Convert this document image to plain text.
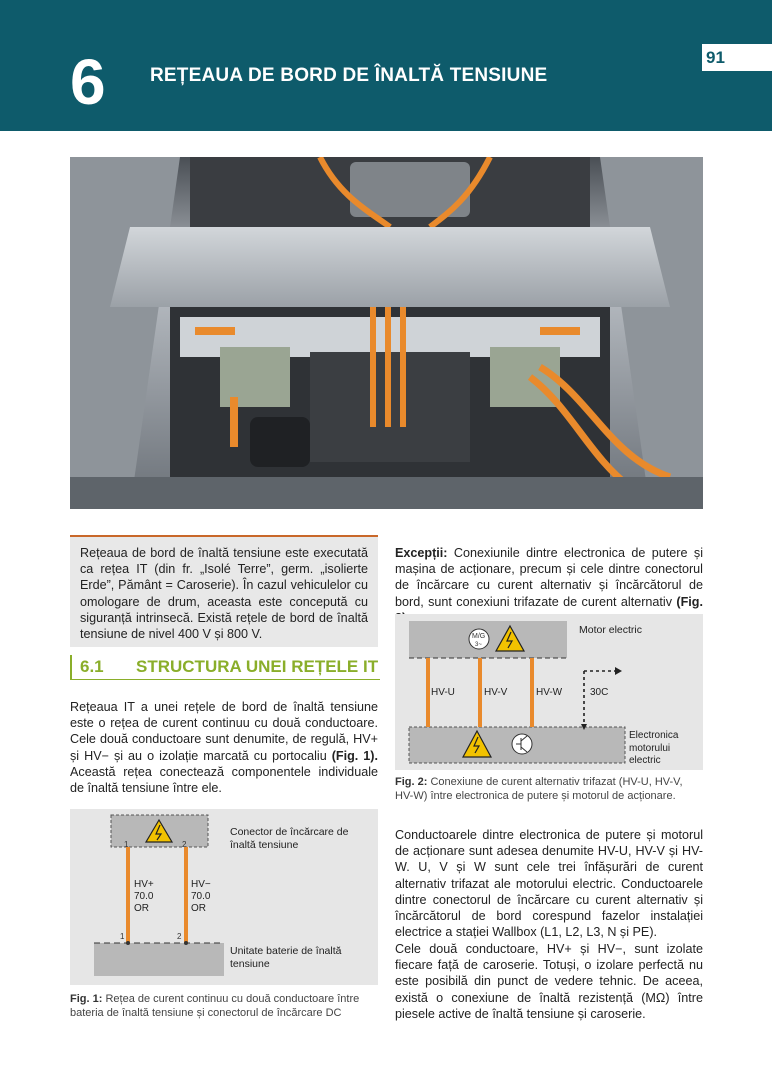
6 REȚEAUA DE BORD DE ÎNALTĂ TENSIUNE
91
Rețeaua de bord de înaltă tensiune este executată ca rețea IT (din fr. „Isolé Terre”, germ. „isolierte Erde”, Pământ = Caroserie). În cazul vehiculelor cu omologare de drum, aceasta este concepută cu siguranță intrinsecă. Există rețele de bord de înaltă tensiune de nivel 400 V și 800 V.
6.1 STRUCTURA UNEI REȚELE IT
Rețeaua IT a unei rețele de bord de înaltă tensiune este o rețea de curent continuu cu două conductoare. Cele două conductoare sunt denumite, de regulă, HV+ și HV− și au o izolație marcată cu portocaliu (Fig. 1). Această rețea conectează componentele individuale de înaltă tensiune între ele.
1	2
1	2
HV+
70.0
OR
HV−
70.0
OR
Conector de încărcare de înaltă tensiune
Unitate baterie de înaltă tensiune
Fig. 1: Rețea de curent continuu cu două conductoare între bateria de înaltă tensiune și conectorul de încărcare DC
Excepții: Conexiunile dintre electronica de putere și mașina de acționare, precum și cele dintre conectorul de încărcare cu curent alternativ și încărcătorul de bord, sunt conexiuni trifazate de curent alternativ (Fig.
M/G
3~
HV-U	HV-V	HV-W	30C
Motor electric
Electronica motorului electric
Fig. 2: Conexiune de curent alternativ trifazat (HV-U, HV-V, HV-W) între electronica de putere și motorul de acționare.
Conductoarele dintre electronica de putere și motorul de acționare sunt adesea denumite HV-U, HV-V și HV-W. U, V și W sunt cele trei înfășurări de curent alternativ trifazat ale motorului electric. Conductoarele dintre conectorul de încărcare cu curent alternativ și încărcătorul de bord corespund fazelor instalației electrice a stației Wallbox (L1, L2, L3, N și PE).
Cele două conductoare, HV+ și HV−, sunt izolate fiecare față de caroserie. Totuși, o izolare perfectă nu este posibilă din punct de vedere tehnic. De aceea, există o conexiune de înaltă rezistență (MΩ) între piesele active de înaltă tensiune și caroserie.
